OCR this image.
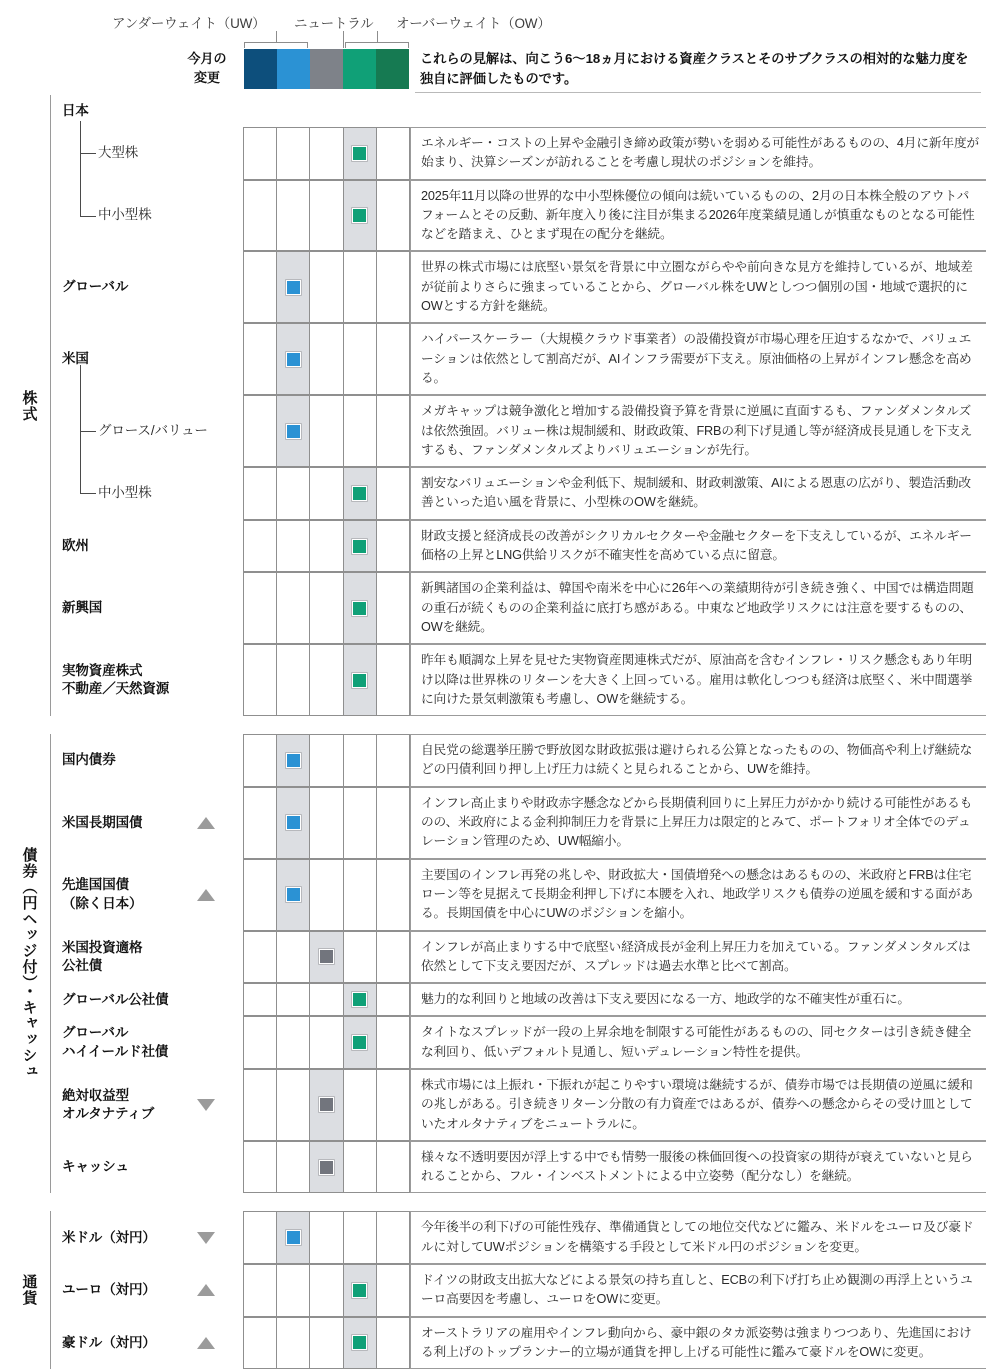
アンダーウェイト（UW） ニュートラル オーバーウェイト（OW）
今月の
変更
これらの見解は、向こう6〜18ヵ月における資産クラスとそのサブクラスの相対的な魅力度を独自に評価したものです。
日本
大型株
エネルギー・コストの上昇や金融引き締め政策が勢いを弱める可能性があるものの、4月に新年度が始まり、決算シーズンが訪れることを考慮し現状のポジションを維持。
中小型株
2025年11月以降の世界的な中小型株優位の傾向は続いているものの、2月の日本株全般のアウトパフォームとその反動、新年度入り後に注目が集まる2026年度業績見通しが慎重なものとなる可能性などを踏まえ、ひとまず現在の配分を継続。
グローバル
世界の株式市場には底堅い景気を背景に中立圏ながらやや前向きな見方を維持しているが、地域差が従前よりさらに強まっていることから、グローバル株をUWとしつつ個別の国・地域で選択的にOWとする方針を継続。
米国
ハイパースケーラー（大規模クラウド事業者）の設備投資が市場心理を圧迫するなかで、バリュエーションは依然として割高だが、AIインフラ需要が下支え。原油価格の上昇がインフレ懸念を高める。
グロース/バリュー
メガキャップは競争激化と増加する設備投資予算を背景に逆風に直面するも、ファンダメンタルズは依然強固。バリュー株は規制緩和、財政政策、FRBの利下げ見通し等が経済成長見通しを下支えするも、ファンダメンタルズよりバリュエーションが先行。
中小型株
割安なバリュエーションや金利低下、規制緩和、財政刺激策、AIによる恩恵の広がり、製造活動改善といった追い風を背景に、小型株のOWを継続。
欧州
財政支援と経済成長の改善がシクリカルセクターや金融セクターを下支えしているが、エネルギー価格の上昇とLNG供給リスクが不確実性を高めている点に留意。
新興国
新興諸国の企業利益は、韓国や南米を中心に26年への業績期待が引き続き強く、中国では構造問題の重石が続くものの企業利益に底打ち感がある。中東など地政学リスクには注意を要するものの、OWを継続。
実物資産株式
不動産／天然資源
昨年も順調な上昇を見せた実物資産関連株式だが、原油高を含むインフレ・リスク懸念もあり年明け以降は世界株のリターンを大きく上回っている。雇用は軟化しつつも経済は底堅く、米中間選挙に向けた景気刺激策も考慮し、OWを継続する。
株式
国内債券
自民党の総選挙圧勝で野放図な財政拡張は避けられる公算となったものの、物価高や利上げ継続などの円債利回り押し上げ圧力は続くと見られることから、UWを維持。
米国長期国債
インフレ高止まりや財政赤字懸念などから長期債利回りに上昇圧力がかかり続ける可能性があるものの、米政府による金利抑制圧力を背景に上昇圧力は限定的とみて、ポートフォリオ全体でのデュレーション管理のため、UW幅縮小。
先進国国債
（除く日本）
主要国のインフレ再発の兆しや、財政拡大・国債増発への懸念はあるものの、米政府とFRBは住宅ローン等を見据えて長期金利押し下げに本腰を入れ、地政学リスクも債券の逆風を緩和する面がある。長期国債を中心にUWのポジションを縮小。
米国投資適格
公社債
インフレが高止まりする中で底堅い経済成長が金利上昇圧力を加えている。ファンダメンタルズは依然として下支え要因だが、スプレッドは過去水準と比べて割高。
グローバル公社債	魅力的な利回りと地域の改善は下支え要因になる一方、地政学的な不確実性が重石に。
グローバル
ハイイールド社債
タイトなスプレッドが一段の上昇余地を制限する可能性があるものの、同セクターは引き続き健全な利回り、低いデフォルト見通し、短いデュレーション特性を提供。
絶対収益型
オルタナティブ
株式市場には上振れ・下振れが起こりやすい環境は継続するが、債券市場では長期債の逆風に緩和の兆しがある。引き続きリターン分散の有力資産ではあるが、債券への懸念からその受け皿としていたオルタナティブをニュートラルに。
キャッシュ
様々な不透明要因が浮上する中でも情勢一服後の株価回復への投資家の期待が衰えていないと見られることから、フル・インベストメントによる中立姿勢（配分なし）を継続。
債券（円ヘッジ付）・キャッシュ
米ドル（対円）
今年後半の利下げの可能性残存、準備通貨としての地位交代などに鑑み、米ドルをユーロ及び豪ドルに対してUWポジションを構築する手段として米ドル円のポジションを変更。
ユーロ（対円）
ドイツの財政支出拡大などによる景気の持ち直しと、ECBの利下げ打ち止め観測の再浮上というユーロ高要因を考慮し、ユーロをOWに変更。
豪ドル（対円）
オーストラリアの雇用やインフレ動向から、豪中銀のタカ派姿勢は強まりつつあり、先進国における利上げのトップランナー的立場が通貨を押し上げる可能性に鑑みて豪ドルをOWに変更。
通貨
